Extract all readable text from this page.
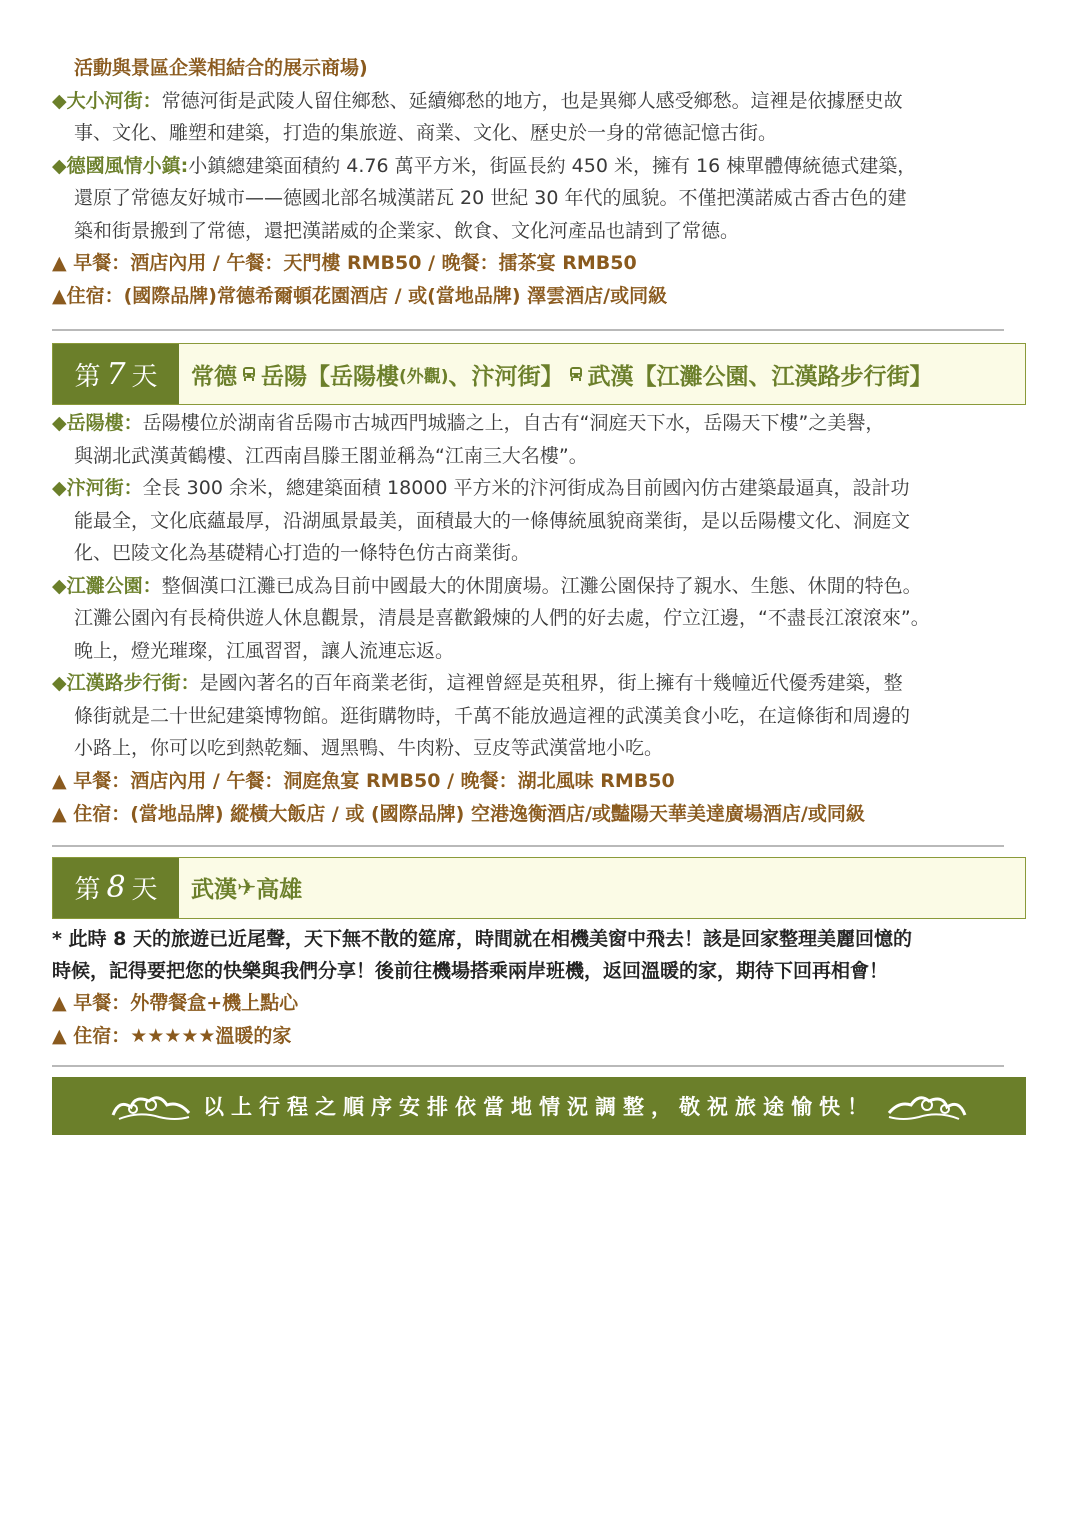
活動與景區企業相結合的展示商場)
◆大小河街：常德河街是武陵人留住鄉愁、延續鄉愁的地方，也是異鄉人感受鄉愁。這裡是依據歷史故
事、文化、雕塑和建築，打造的集旅遊、商業、文化、歷史於一身的常德記憶古街。
◆德國風情小鎮:小鎮總建築面積約 4.76 萬平方米，街區長約 450 米，擁有 16 棟單體傳統德式建築，
還原了常德友好城市——德國北部名城漢諾瓦 20 世紀 30 年代的風貌。不僅把漢諾威古香古色的建
築和街景搬到了常德，還把漢諾威的企業家、飲食、文化河產品也請到了常德。
▲ 早餐：酒店內用 / 午餐：天門樓 RMB50 / 晚餐：擂茶宴 RMB50
▲住宿：(國際品牌)常德希爾頓花園酒店 / 或(當地品牌) 澤雲酒店/或同級
第 7 天 常德 岳陽【岳陽樓 (外觀) 、汴河街】 武漢【江灘公園、江漢路步行街】
◆岳陽樓：岳陽樓位於湖南省岳陽市古城西門城牆之上，自古有“洞庭天下水，岳陽天下樓”之美譽，
與湖北武漢黃鶴樓、江西南昌滕王閣並稱為“江南三大名樓”。
◆汴河街：全長 300 余米，總建築面積 18000 平方米的汴河街成為目前國內仿古建築最逼真，設計功
能最全，文化底蘊最厚，沿湖風景最美，面積最大的一條傳統風貌商業街，是以岳陽樓文化、洞庭文
化、巴陵文化為基礎精心打造的一條特色仿古商業街。
◆江灘公園：整個漢口江灘已成為目前中國最大的休閒廣場。江灘公園保持了親水、生態、休閒的特色。
江灘公園內有長椅供遊人休息觀景，清晨是喜歡鍛煉的人們的好去處，佇立江邊，“不盡長江滾滾來”。
晚上，燈光璀璨，江風習習，讓人流連忘返。
◆江漢路步行街：是國內著名的百年商業老街，這裡曾經是英租界，街上擁有十幾幢近代優秀建築，整
條街就是二十世紀建築博物館。逛街購物時，千萬不能放過這裡的武漢美食小吃，在這條街和周邊的
小路上，你可以吃到熱乾麵、週黑鴨、牛肉粉、豆皮等武漢當地小吃。
▲ 早餐：酒店內用 / 午餐：洞庭魚宴 RMB50 / 晚餐：湖北風味 RMB50
▲ 住宿：(當地品牌) 縱橫大飯店 / 或 (國際品牌) 空港逸衡酒店/或豔陽天華美達廣場酒店/或同級
第 8 天 武漢 ✈ 高雄
* 此時 8 天的旅遊已近尾聲，天下無不散的筵席，時間就在相機美窗中飛去！該是回家整理美麗回憶的
時候，記得要把您的快樂與我們分享！後前往機場搭乘兩岸班機，返回溫暖的家，期待下回再相會！
▲ 早餐：外帶餐盒+機上點心
▲ 住宿：★★★★★溫暖的家
以上行程之順序安排依當地情況調整，敬祝旅途愉快！
